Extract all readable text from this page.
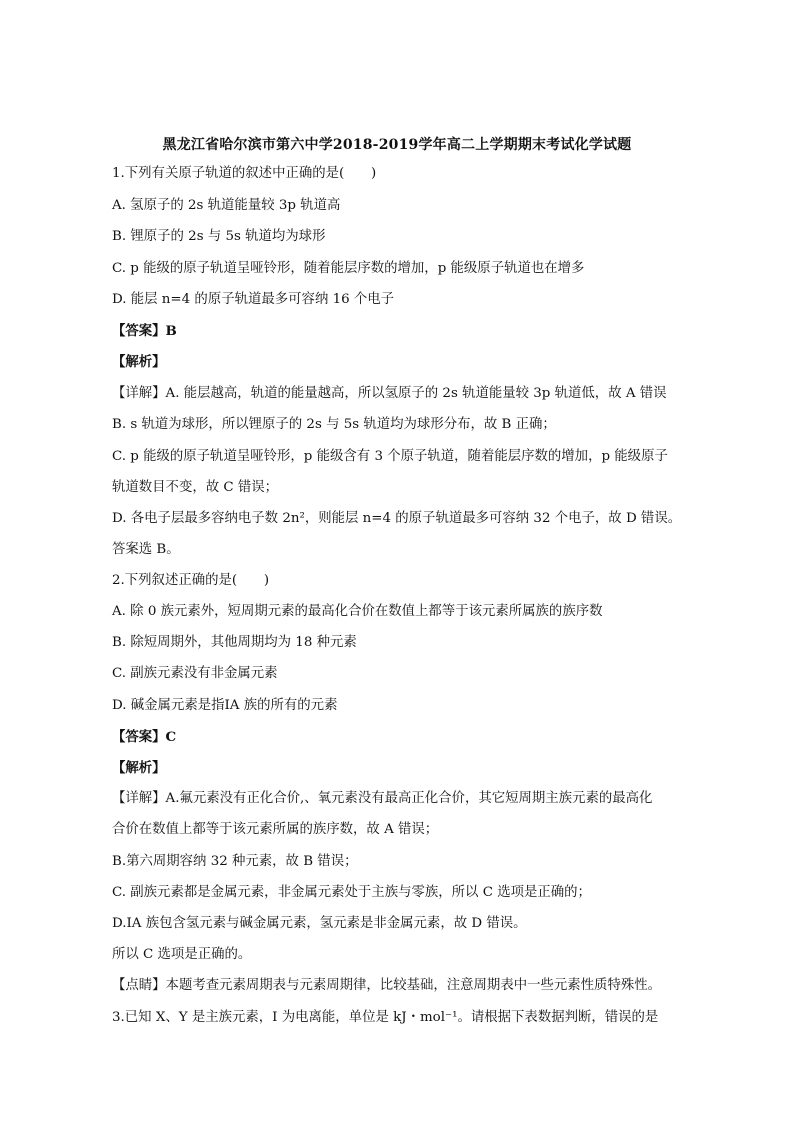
黑龙江省哈尔滨市第六中学2018-2019学年高二上学期期末考试化学试题
1.下列有关原子轨道的叙述中正确的是(　　)
A. 氢原子的 2s 轨道能量较 3p 轨道高
B. 锂原子的 2s 与 5s 轨道均为球形
C. p 能级的原子轨道呈哑铃形，随着能层序数的增加，p 能级原子轨道也在增多
D. 能层 n=4 的原子轨道最多可容纳 16 个电子
【答案】B
【解析】
【详解】A. 能层越高，轨道的能量越高，所以氢原子的 2s 轨道能量较 3p 轨道低，故 A 错误
B. s 轨道为球形，所以锂原子的 2s 与 5s 轨道均为球形分布，故 B 正确；
C. p 能级的原子轨道呈哑铃形，p 能级含有 3 个原子轨道，随着能层序数的增加，p 能级原子
轨道数目不变，故 C 错误；
D. 各电子层最多容纳电子数 2n²，则能层 n=4 的原子轨道最多可容纳 32 个电子，故 D 错误。
答案选 B。
2.下列叙述正确的是(　　)
A. 除 0 族元素外，短周期元素的最高化合价在数值上都等于该元素所属族的族序数
B. 除短周期外，其他周期均为 18 种元素
C. 副族元素没有非金属元素
D. 碱金属元素是指ⅠA 族的所有的元素
【答案】C
【解析】
【详解】A.氟元素没有正化合价,、氧元素没有最高正化合价，其它短周期主族元素的最高化
合价在数值上都等于该元素所属的族序数，故 A 错误；
B.第六周期容纳 32 种元素，故 B 错误；
C. 副族元素都是金属元素，非金属元素处于主族与零族，所以 C 选项是正确的；
D.ⅠA 族包含氢元素与碱金属元素，氢元素是非金属元素，故 D 错误。
所以 C 选项是正确的。
【点睛】本题考查元素周期表与元素周期律，比较基础，注意周期表中一些元素性质特殊性。
3.已知 X、Y 是主族元素，I 为电离能，单位是 kJ・mol⁻¹。请根据下表数据判断，错误的是
